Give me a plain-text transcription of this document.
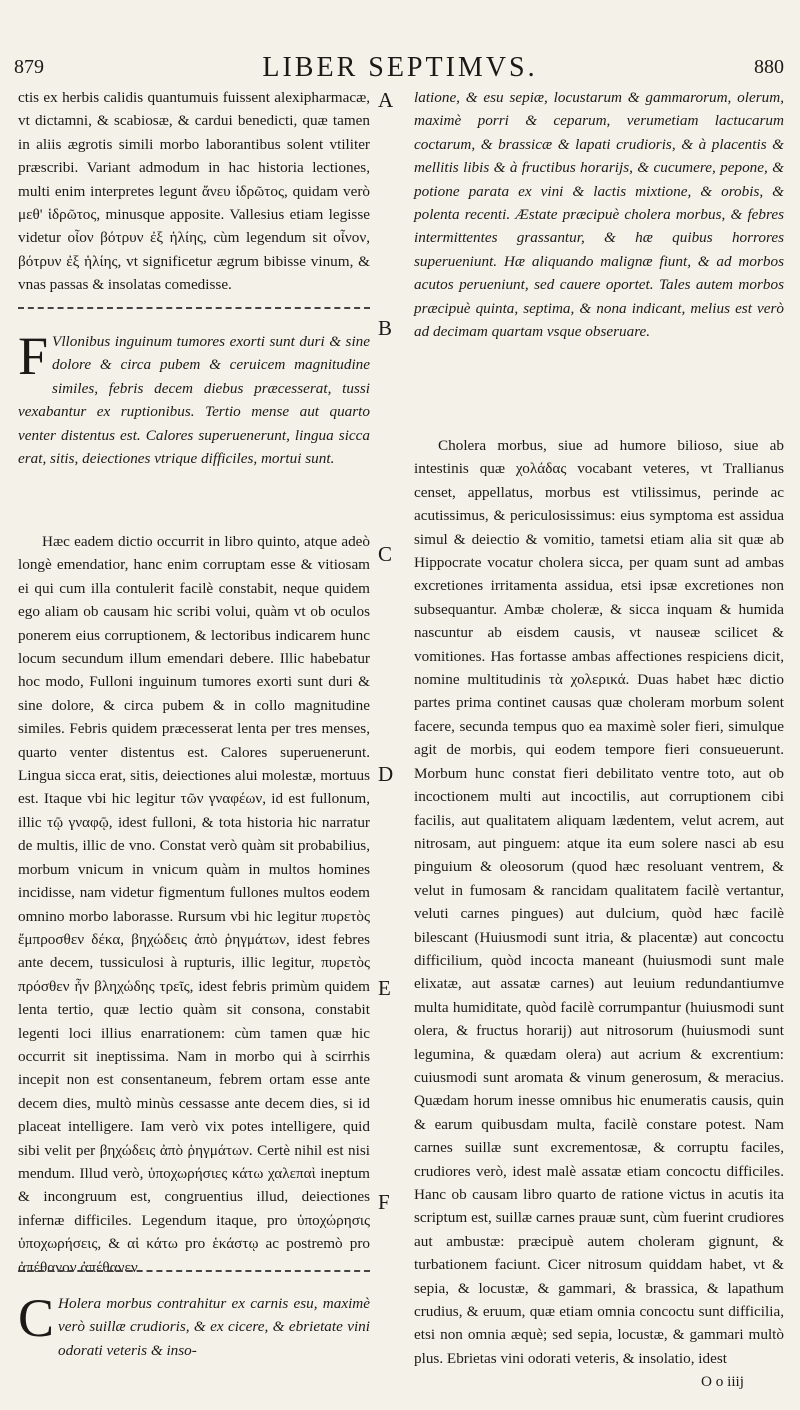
879	LIBER SEPTIMVS.	880
A
B
C
D
E
F

ctis ex herbis calidis quantumuis fuissent alexipharmacæ, vt dictamni, & scabiosæ, & cardui benedicti, quæ tamen in aliis ægrotis simili morbo laborantibus solent vtiliter præscribi. Variant admodum in hac historia lectiones, multi enim interpretes legunt ἄνευ ἱδρῶτος, quidam verò μεθ' ἱδρῶτος, minusque apposite. Vallesius etiam legisse videtur οἶον βότρυν ἐξ ἡλίης, cùm legendum sit οἶνον, βότρυν ἐξ ἡλίης, vt significetur ægrum bibisse vinum, & vnas passas & insolatas comedisse.

F Vllonibus inguinum tumores exorti sunt duri & sine dolore & circa pubem & ceruicem magnitudine similes, febris decem diebus præcesserat, tussi vexabantur ex ruptionibus. Tertio mense aut quarto venter distentus est. Calores superuenerunt, lingua sicca erat, sitis, deiectiones vtrique difficiles, mortui sunt.

Hæc eadem dictio occurrit in libro quinto, atque adeò longè emendatior, hanc enim corruptam esse & vitiosam ei qui cum illa contulerit facilè constabit, neque quidem ego aliam ob causam hic scribi volui, quàm vt ob oculos ponerem eius corruptionem, & lectoribus indicarem hunc locum secundum illum emendari debere. Illic habebatur hoc modo, Fulloni inguinum tumores exorti sunt duri & sine dolore, & circa pubem & in collo magnitudine similes. Febris quidem præcesserat lenta per tres menses, quarto venter distentus est. Calores superuenerunt. Lingua sicca erat, sitis, deiectiones alui molestæ, mortuus est. Itaque vbi hic legitur τῶν γναφέων, id est fullonum, illic τῷ γναφῷ, idest fulloni, & tota historia hic narratur de multis, illic de vno. Constat verò quàm sit probabilius, morbum vnicum in vnicum quàm in multos homines incidisse, nam videtur figmentum fullones multos eodem omnino morbo laborasse. Rursum vbi hic legitur πυρετὸς ἔμπροσθεν δέκα, βηχώδεις ἀπὸ ῥηγμάτων, idest febres ante decem, tussiculosi à rupturis, illic legitur, πυρετὸς πρόσθεν ἦν βληχώδης τρεῖς, idest febris primùm quidem lenta tertio, quæ lectio quàm sit consona, constabit legenti loci illius enarrationem: cùm tamen quæ hic occurrit sit ineptissima. Nam in morbo qui à scirrhis incepit non est consentaneum, febrem ortam esse ante decem dies, multò minùs cessasse ante decem dies, si id placeat intelligere. Iam verò vix potes intelligere, quid sibi velit per βηχώδεις ἀπὸ ῥηγμάτων. Certè nihil est nisi mendum. Illud verò, ὑποχωρήσιες κάτω χαλεπαὶ ineptum & incongruum est, congruentius illud, deiectiones infernæ difficiles. Legendum itaque, pro ὑποχώρησις ὑποχωρήσεις, & αἱ κάτω pro ἑκάστῳ ac postremò pro ἀπέθανον ἀπέθανεν.

C Holera morbus contrahitur ex carnis esu, maximè verò suillæ crudioris, & ex cicere, & ebrietate vini odorati veteris & inso-

latione, & esu sepiæ, locustarum & gammarorum, olerum, maximè porri & ceparum, verumetiam lactucarum coctarum, & brassicæ & lapati crudioris, & à placentis & mellitis libis & à fructibus horarijs, & cucumere, pepone, & potione parata ex vini & lactis mixtione, & orobis, & polenta recenti. Æstate præcipuè cholera morbus, & febres intermittentes grassantur, & hæ quibus horrores superueniunt. Hæ aliquando malignæ fiunt, & ad morbos acutos perueniunt, sed cauere oportet. Tales autem morbos præcipuè quinta, septima, & nona indicant, melius est verò ad decimam quartam vsque obseruare.

Cholera morbus, siue ad humore bilioso, siue ab intestinis quæ χολάδας vocabant veteres, vt Trallianus censet, appellatus, morbus est vtilissimus, perinde ac acutissimus, & periculosissimus: eius symptoma est assidua simul & deiectio & vomitio, tametsi etiam alia sit quæ ab Hippocrate vocatur cholera sicca, per quam sunt ad ambas excretiones irritamenta assidua, etsi ipsæ excretiones non subsequantur. Ambæ choleræ, & sicca inquam & humida nascuntur ab eisdem causis, vt nauseæ scilicet & vomitiones. Has fortasse ambas affectiones respiciens dicit, nomine multitudinis τὰ χολερικά. Duas habet hæc dictio partes prima continet causas quæ choleram morbum solent facere, secunda tempus quo ea maximè soler fieri, simulque agit de morbis, qui eodem tempore fieri consueuerunt. Morbum hunc constat fieri debilitato ventre toto, aut ob incoctionem multi aut incoctilis, aut corruptionem cibi facilis, aut qualitatem aliquam lædentem, velut acrem, aut nitrosam, aut pinguem: atque ita eum solere nasci ab esu pinguium & oleosorum (quod hæc resoluant ventrem, & velut in fumosam & rancidam qualitatem facilè vertantur, veluti carnes pingues) aut dulcium, quòd hæc facilè bilescant (Huiusmodi sunt itria, & placentæ) aut concoctu difficilium, quòd incocta maneant (huiusmodi sunt male elixatæ, aut assatæ carnes) aut leuium redundantiumve multa humiditate, quòd facilè corrumpantur (huiusmodi sunt olera, & fructus horarij) aut nitrosorum (huiusmodi sunt legumina, & quædam olera) aut acrium & excrentium: cuiusmodi sunt aromata & vinum generosum, & meracius. Quædam horum inesse omnibus hic enumeratis causis, quin & earum quibusdam multa, facilè constare potest. Nam carnes suillæ sunt excrementosæ, & corruptu faciles, crudiores verò, idest malè assatæ etiam concoctu difficiles. Hanc ob causam libro quarto de ratione victus in acutis ita scriptum est, suillæ carnes prauæ sunt, cùm fuerint crudiores aut ambustæ: præcipuè autem choleram gignunt, & turbationem faciunt. Cicer nitrosum quiddam habet, vt & sepia, & locustæ, & gammari, & brassica, & lapathum crudius, & eruum, quæ etiam omnia concoctu sunt difficilia, etsi non omnia æquè; sed sepia, locustæ, & gammari multò plus. Ebrietas vini odorati veteris, & insolatio, idest

O o iiij
